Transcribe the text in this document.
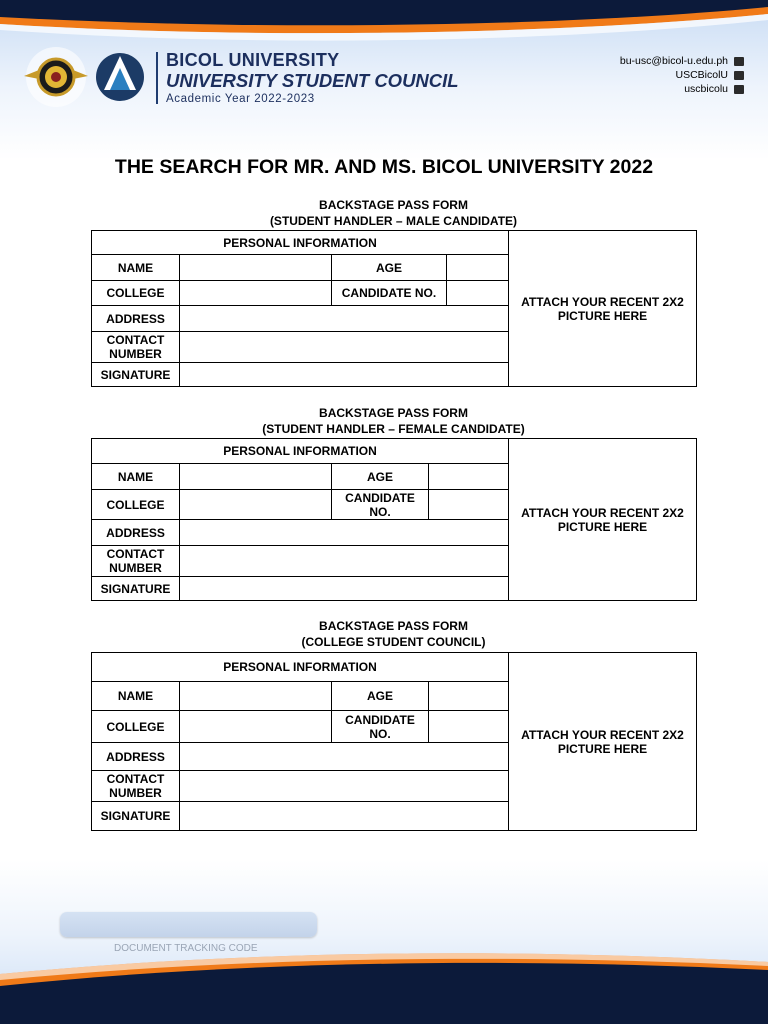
BICOL UNIVERSITY
UNIVERSITY STUDENT COUNCIL
Academic Year 2022-2023
bu-usc@bicol-u.edu.ph
USCBicolU
uscbicolu
THE SEARCH FOR MR. AND MS. BICOL UNIVERSITY 2022
BACKSTAGE PASS FORM
(STUDENT HANDLER – MALE CANDIDATE)
PERSONAL INFORMATION				ATTACH YOUR RECENT 2X2 PICTURE HERE
NAME		AGE		
COLLEGE		CANDIDATE NO.		
ADDRESS				
CONTACT NUMBER				
SIGNATURE				
BACKSTAGE PASS FORM
(STUDENT HANDLER – FEMALE CANDIDATE)
PERSONAL INFORMATION				ATTACH YOUR RECENT 2X2 PICTURE HERE
NAME		AGE		
COLLEGE		CANDIDATE NO.		
ADDRESS				
CONTACT NUMBER				
SIGNATURE				
BACKSTAGE PASS FORM
(COLLEGE STUDENT COUNCIL)
PERSONAL INFORMATION				ATTACH YOUR RECENT 2X2 PICTURE HERE
NAME		AGE		
COLLEGE		CANDIDATE NO.		
ADDRESS				
CONTACT NUMBER				
SIGNATURE				
DOCUMENT TRACKING CODE
